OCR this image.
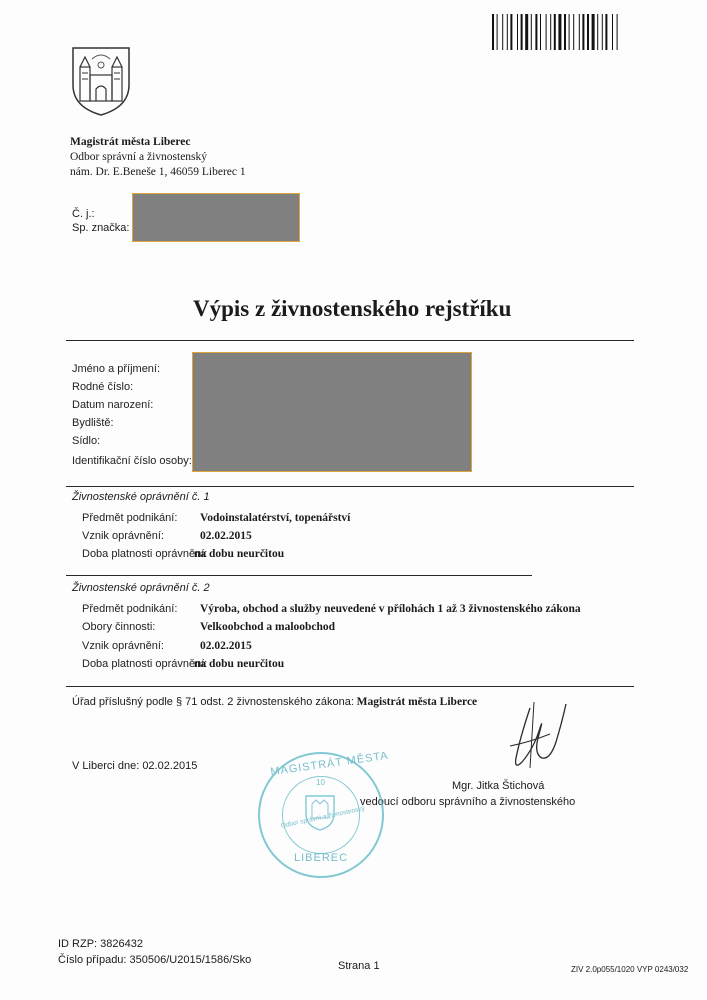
Magistrát města Liberec
Odbor správní a živnostenský
nám. Dr. E.Beneše 1, 46059 Liberec 1
Č. j.:
Sp. značka:
Výpis z živnostenského rejstříku
Jméno a příjmení:
Rodné číslo:
Datum narození:
Bydliště:
Sídlo:
Identifikační číslo osoby:
Živnostenské oprávnění č. 1
Předmět podnikání: Vodoinstalatérství, topenářství
Vznik oprávnění:	02.02.2015
Doba platnosti oprávnění:
na dobu neurčitou
Živnostenské oprávnění č. 2
Předmět podnikání: Výroba, obchod a služby neuvedené v přílohách 1 až 3 živnostenského zákona
Obory činnosti:	Velkoobchod a maloobchod
Vznik oprávnění:	02.02.2015
Doba platnosti oprávnění:
na dobu neurčitou
Úřad příslušný podle § 71 odst. 2 živnostenského zákona: Magistrát města Liberce
V Liberci dne: 02.02.2015
Mgr. Jitka Štichová
vedoucí odboru správního a živnostenského
MAGISTRÁT MĚSTA
LIBEREC
10
Odbor správní a živnostenský
ID RZP: 3826432
Číslo případu: 350506/U2015/1586/Sko	Strana 1	ZIV 2.0p055/1020 VYP 0243/032
